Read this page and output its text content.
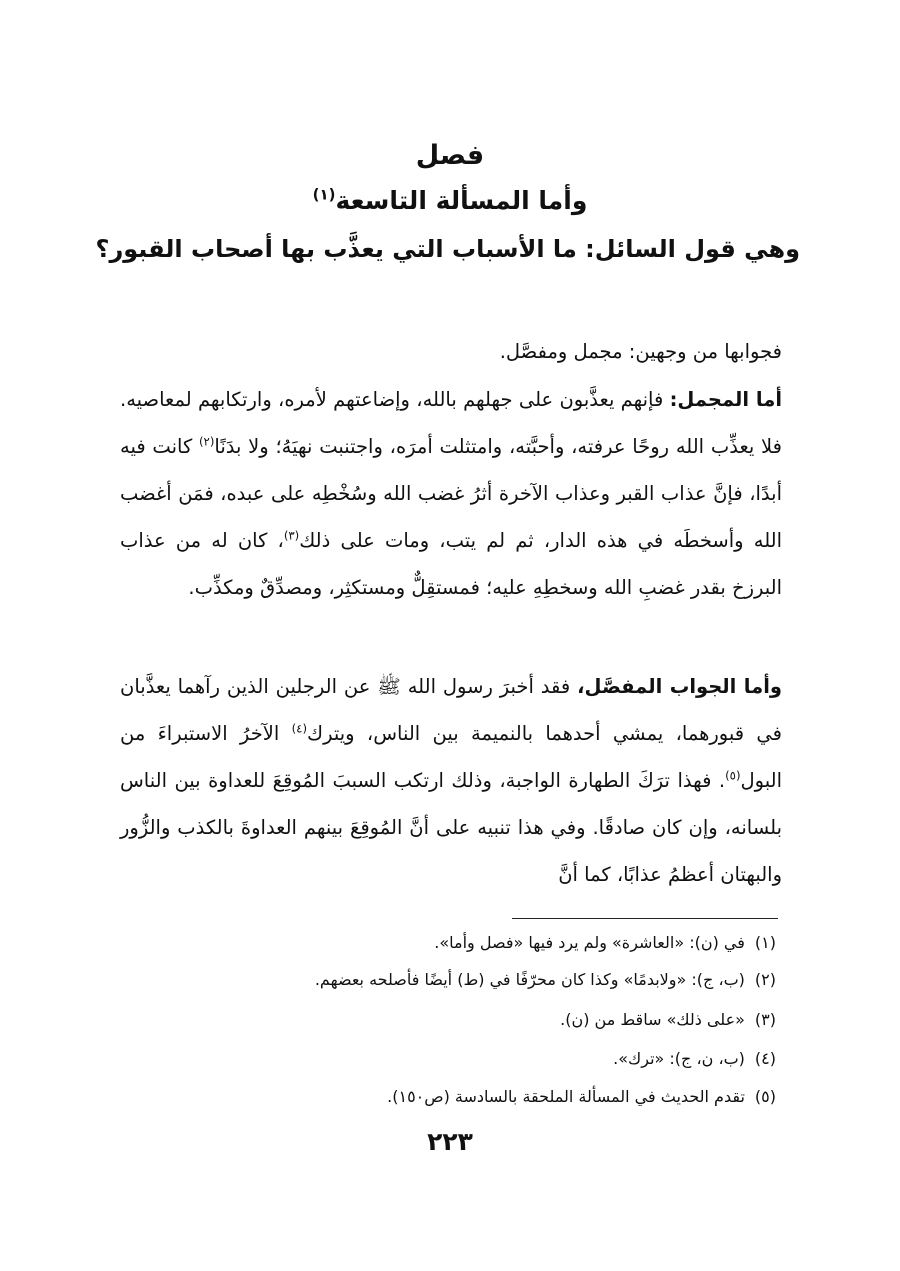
فصل
وأما المسألة التاسعة$^{(١)}$
وهي قول السائل: ما الأسباب التي يعذَّب بها أصحاب القبور؟

فجوابها من وجهين: مجمل ومفصَّل.

أما المجمل: فإنهم يعذَّبون على جهلهم بالله، وإضاعتهم لأمره، وارتكابهم لمعاصيه. فلا يعذِّب الله روحًا عرفته، وأحبَّته، وامتثلت أمرَه، واجتنبت نهيَهُ؛ ولا بدَنًا$^{(٢)}$ كانت فيه أبدًا، فإنَّ عذاب القبر وعذاب الآخرة أثرُ غضب الله وسُخْطِه على عبده، فمَن أغضب الله وأسخطَه في هذه الدار، ثم لم يتب، ومات على ذلك$^{(٣)}$، كان له من عذاب البرزخ بقدر غضبِ الله وسخطِهِ عليه؛ فمستقِلٌّ ومستكثِر، ومصدِّقٌ ومكذِّب.

وأما الجواب المفصَّل، فقد أخبرَ رسول الله ﷺ عن الرجلين الذين رآهما يعذَّبان في قبورهما، يمشي أحدهما بالنميمة بين الناس، ويترك$^{(٤)}$ الآخرُ الاستبراءَ من البول$^{(٥)}$. فهذا ترَكَ الطهارة الواجبة، وذلك ارتكب السببَ المُوقِعَ للعداوة بين الناس بلسانه، وإن كان صادقًا. وفي هذا تنبيه على أنَّ المُوقِعَ بينهم العداوةَ بالكذب والزُّور والبهتان أعظمُ عذابًا، كما أنَّ

(١)في (ن): «العاشرة» ولم يرد فيها «فصل وأما».
(٢)(ب، ج): «ولابدمًا» وكذا كان محرّفًا في (ط) أيضًا فأصلحه بعضهم.
(٣)«على ذلك» ساقط من (ن).
(٤)(ب، ن، ج): «ترك».
(٥)تقدم الحديث في المسألة الملحقة بالسادسة (ص١٥٠).
٢٢٣
